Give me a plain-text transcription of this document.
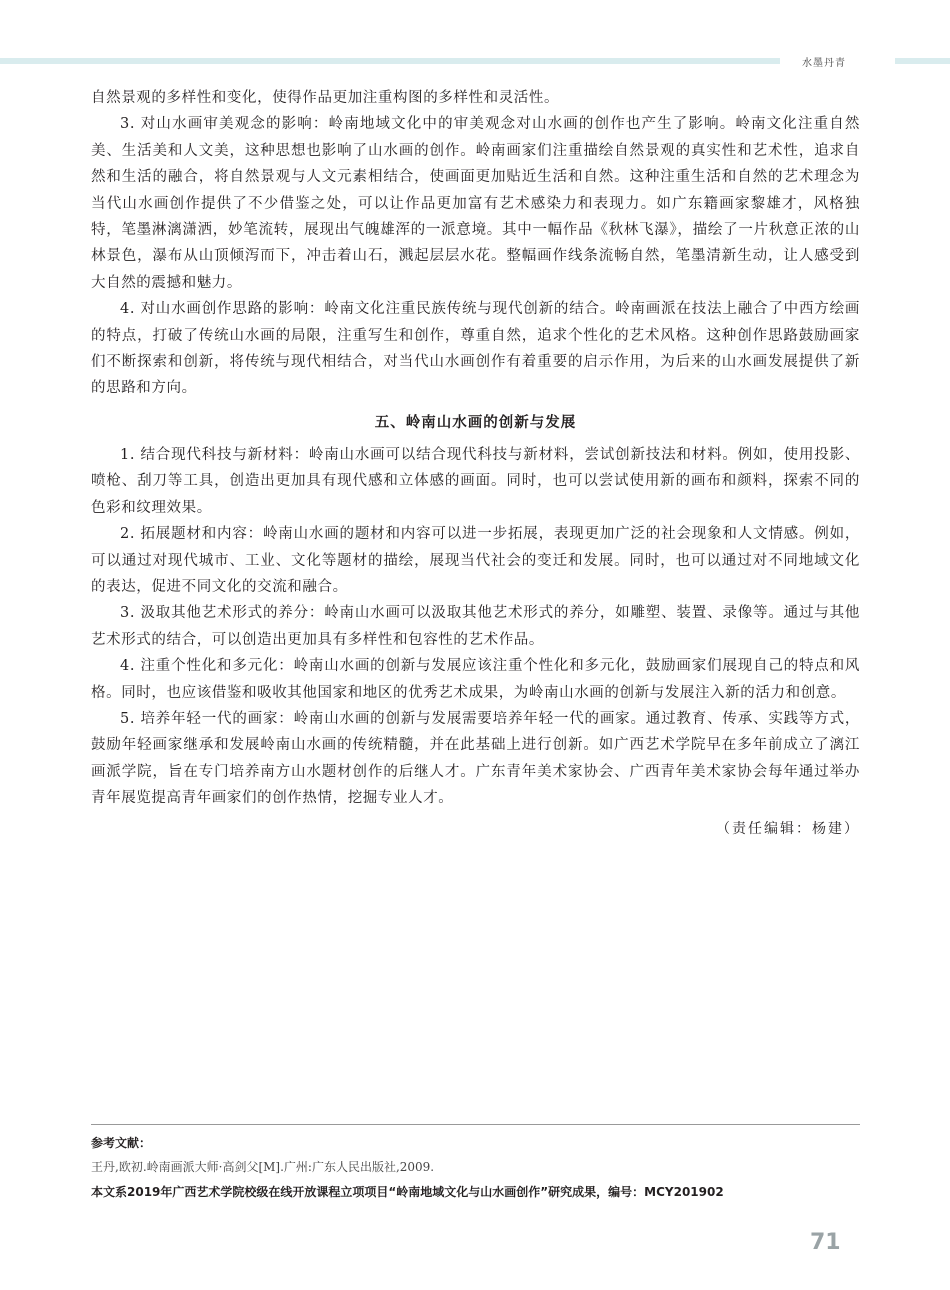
水墨丹青

自然景观的多样性和变化，使得作品更加注重构图的多样性和灵活性。

3. 对山水画审美观念的影响：岭南地域文化中的审美观念对山水画的创作也产生了影响。岭南文化注重自然美、生活美和人文美，这种思想也影响了山水画的创作。岭南画家们注重描绘自然景观的真实性和艺术性，追求自然和生活的融合，将自然景观与人文元素相结合，使画面更加贴近生活和自然。这种注重生活和自然的艺术理念为当代山水画创作提供了不少借鉴之处，可以让作品更加富有艺术感染力和表现力。如广东籍画家黎雄才，风格独特，笔墨淋漓潇洒，妙笔流转，展现出气魄雄浑的一派意境。其中一幅作品《秋林飞瀑》，描绘了一片秋意正浓的山林景色，瀑布从山顶倾泻而下，冲击着山石，溅起层层水花。整幅画作线条流畅自然，笔墨清新生动，让人感受到大自然的震撼和魅力。

4. 对山水画创作思路的影响：岭南文化注重民族传统与现代创新的结合。岭南画派在技法上融合了中西方绘画的特点，打破了传统山水画的局限，注重写生和创作，尊重自然，追求个性化的艺术风格。这种创作思路鼓励画家们不断探索和创新，将传统与现代相结合，对当代山水画创作有着重要的启示作用，为后来的山水画发展提供了新的思路和方向。

五、岭南山水画的创新与发展

1. 结合现代科技与新材料：岭南山水画可以结合现代科技与新材料，尝试创新技法和材料。例如，使用投影、喷枪、刮刀等工具，创造出更加具有现代感和立体感的画面。同时，也可以尝试使用新的画布和颜料，探索不同的色彩和纹理效果。

2. 拓展题材和内容：岭南山水画的题材和内容可以进一步拓展，表现更加广泛的社会现象和人文情感。例如，可以通过对现代城市、工业、文化等题材的描绘，展现当代社会的变迁和发展。同时，也可以通过对不同地域文化的表达，促进不同文化的交流和融合。

3. 汲取其他艺术形式的养分：岭南山水画可以汲取其他艺术形式的养分，如雕塑、装置、录像等。通过与其他艺术形式的结合，可以创造出更加具有多样性和包容性的艺术作品。

4. 注重个性化和多元化：岭南山水画的创新与发展应该注重个性化和多元化，鼓励画家们展现自己的特点和风格。同时，也应该借鉴和吸收其他国家和地区的优秀艺术成果，为岭南山水画的创新与发展注入新的活力和创意。

5. 培养年轻一代的画家：岭南山水画的创新与发展需要培养年轻一代的画家。通过教育、传承、实践等方式，鼓励年轻画家继承和发展岭南山水画的传统精髓，并在此基础上进行创新。如广西艺术学院早在多年前成立了漓江画派学院，旨在专门培养南方山水题材创作的后继人才。广东青年美术家协会、广西青年美术家协会每年通过举办青年展览提高青年画家们的创作热情，挖掘专业人才。

（责任编辑：杨建）
参考文献：
王丹,欧初.岭南画派大师·高剑父[M].广州:广东人民出版社,2009.
本文系2019年广西艺术学院校级在线开放课程立项项目“岭南地域文化与山水画创作”研究成果，编号：MCY201902
71
